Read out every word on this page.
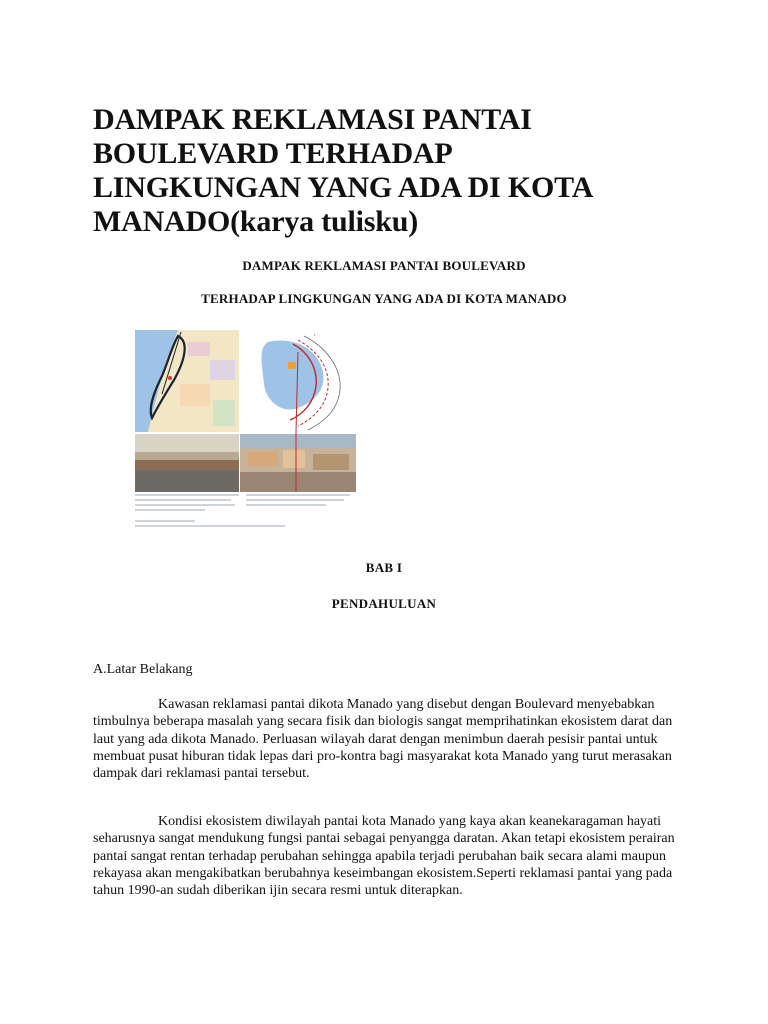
DAMPAK REKLAMASI PANTAI
BOULEVARD TERHADAP
LINGKUNGAN YANG ADA DI KOTA
MANADO(karya tulisku)
DAMPAK REKLAMASI PANTAI BOULEVARD
TERHADAP LINGKUNGAN YANG ADA DI KOTA MANADO
•
BAB I
PENDAHULUAN
A.Latar Belakang

Kawasan reklamasi pantai dikota Manado yang disebut dengan Boulevard menyebabkan timbulnya beberapa masalah yang secara fisik dan biologis sangat memprihatinkan ekosistem darat dan laut yang ada dikota Manado. Perluasan wilayah darat dengan menimbun daerah pesisir pantai untuk membuat pusat hiburan tidak lepas dari pro-kontra bagi masyarakat kota Manado yang turut merasakan dampak dari reklamasi pantai tersebut.

Kondisi ekosistem diwilayah pantai kota Manado yang kaya akan keanekaragaman hayati seharusnya sangat mendukung fungsi pantai sebagai penyangga daratan. Akan tetapi ekosistem perairan pantai sangat rentan terhadap perubahan sehingga apabila terjadi perubahan baik secara alami maupun rekayasa akan mengakibatkan berubahnya keseimbangan ekosistem.Seperti reklamasi pantai yang pada tahun 1990-an sudah diberikan ijin secara resmi untuk diterapkan.
